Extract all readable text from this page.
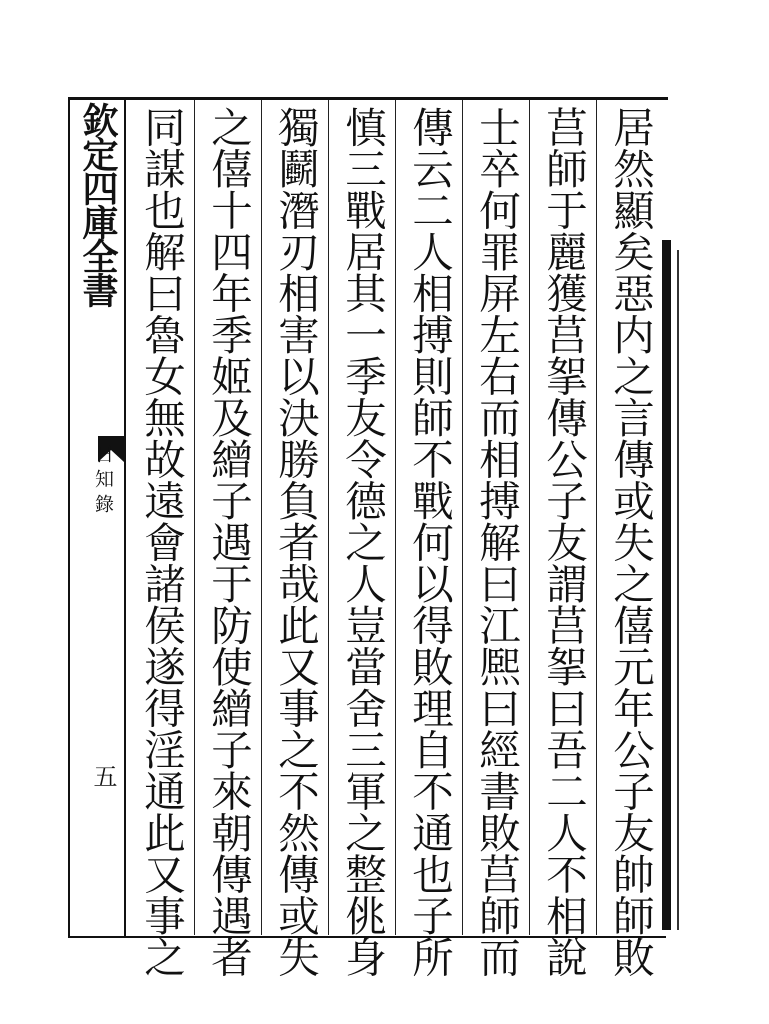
欽定四庫全書
日知錄
五	居然顯矣惡内之言傳或失之僖元年公子友帥師敗
莒師于麗獲莒挐傳公子友謂莒挐曰吾二人不相說
士卒何罪屏左右而相搏解曰江熈曰經書敗莒師而
傳云二人相搏則師不戰何以得敗理自不通也子所
慎三戰居其一季友令德之人豈當舍三軍之整佻身
獨鬬潛刃相害以決勝負者哉此又事之不然傳或失
之僖十四年季姬及繒子遇于防使繒子來朝傳遇者
同謀也解曰魯女無故遠會諸侯遂得淫通此又事之
